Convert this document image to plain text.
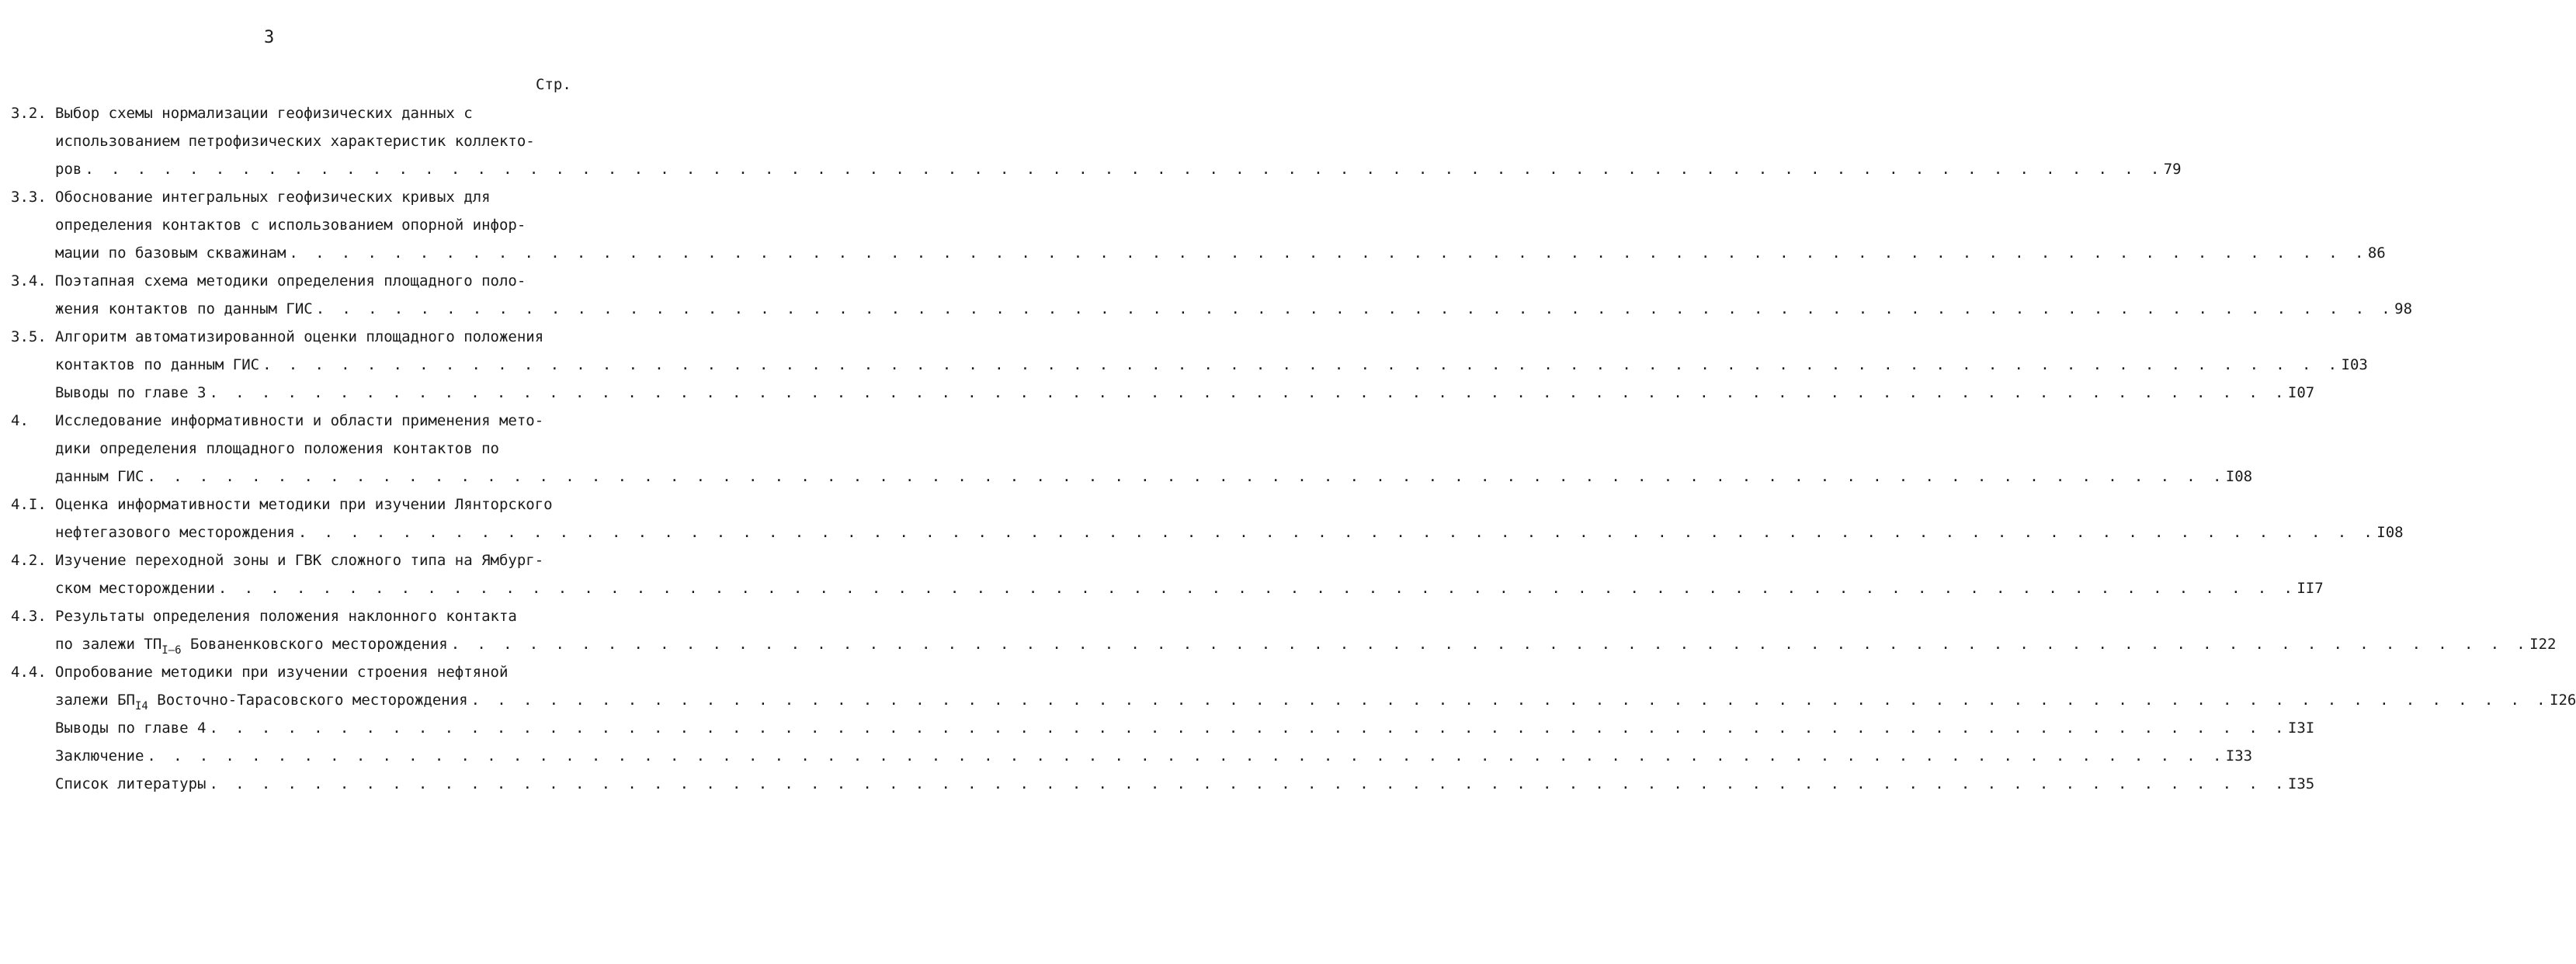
3
Стр.
3.2. Выбор схемы нормализации геофизических данных с
использованием петрофизических характеристик коллекто-
ров . . . . . . . . . . . . . . . . . . . . . . . . . . . . . . . . . . . . . . . . . . . . . . . . . . . . . . . . . . . . . . . . . . . . . . . . . . . . . . . . 79
3.3. Обоснование интегральных геофизических кривых для
определения контактов с использованием опорной инфор-
мации по базовым скважинам . . . . . . . . . . . . . . . . . . . . . . . . . . . . . . . . . . . . . . . . . . . . . . . . . . . . . . . . . . . . . . . . . . . . . . . . . . . . . . . . 86
3.4. Поэтапная схема методики определения площадного поло-
жения контактов по данным ГИС . . . . . . . . . . . . . . . . . . . . . . . . . . . . . . . . . . . . . . . . . . . . . . . . . . . . . . . . . . . . . . . . . . . . . . . . . . . . . . . . 98
3.5. Алгоритм автоматизированной оценки площадного положения
контактов по данным ГИС . . . . . . . . . . . . . . . . . . . . . . . . . . . . . . . . . . . . . . . . . . . . . . . . . . . . . . . . . . . . . . . . . . . . . . . . . . . . . . . . I03
Выводы по главе 3 . . . . . . . . . . . . . . . . . . . . . . . . . . . . . . . . . . . . . . . . . . . . . . . . . . . . . . . . . . . . . . . . . . . . . . . . . . . . . . . . I07
4. Исследование информативности и области применения мето-
дики определения площадного положения контактов по
данным ГИС . . . . . . . . . . . . . . . . . . . . . . . . . . . . . . . . . . . . . . . . . . . . . . . . . . . . . . . . . . . . . . . . . . . . . . . . . . . . . . . . I08
4.I. Оценка информативности методики при изучении Лянторского
нефтегазового месторождения . . . . . . . . . . . . . . . . . . . . . . . . . . . . . . . . . . . . . . . . . . . . . . . . . . . . . . . . . . . . . . . . . . . . . . . . . . . . . . . . I08
4.2. Изучение переходной зоны и ГВК сложного типа на Ямбург-
ском месторождении . . . . . . . . . . . . . . . . . . . . . . . . . . . . . . . . . . . . . . . . . . . . . . . . . . . . . . . . . . . . . . . . . . . . . . . . . . . . . . . . II7
4.3. Результаты определения положения наклонного контакта
по залежи $ТП_{I-6}$ Бованенковского месторождения . . . . . . . . . . . . . . . . . . . . . . . . . . . . . . . . . . . . . . . . . . . . . . . . . . . . . . . . . . . . . . . . . . . . . . . . . . . . . . . . I22
4.4. Опробование методики при изучении строения нефтяной
залежи $БП_{I4}$ Восточно-Тарасовского месторождения . . . . . . . . . . . . . . . . . . . . . . . . . . . . . . . . . . . . . . . . . . . . . . . . . . . . . . . . . . . . . . . . . . . . . . . . . . . . . . . . I26
Выводы по главе 4 . . . . . . . . . . . . . . . . . . . . . . . . . . . . . . . . . . . . . . . . . . . . . . . . . . . . . . . . . . . . . . . . . . . . . . . . . . . . . . . . I3I
Заключение . . . . . . . . . . . . . . . . . . . . . . . . . . . . . . . . . . . . . . . . . . . . . . . . . . . . . . . . . . . . . . . . . . . . . . . . . . . . . . . . I33
Список литературы . . . . . . . . . . . . . . . . . . . . . . . . . . . . . . . . . . . . . . . . . . . . . . . . . . . . . . . . . . . . . . . . . . . . . . . . . . . . . . . . I35
